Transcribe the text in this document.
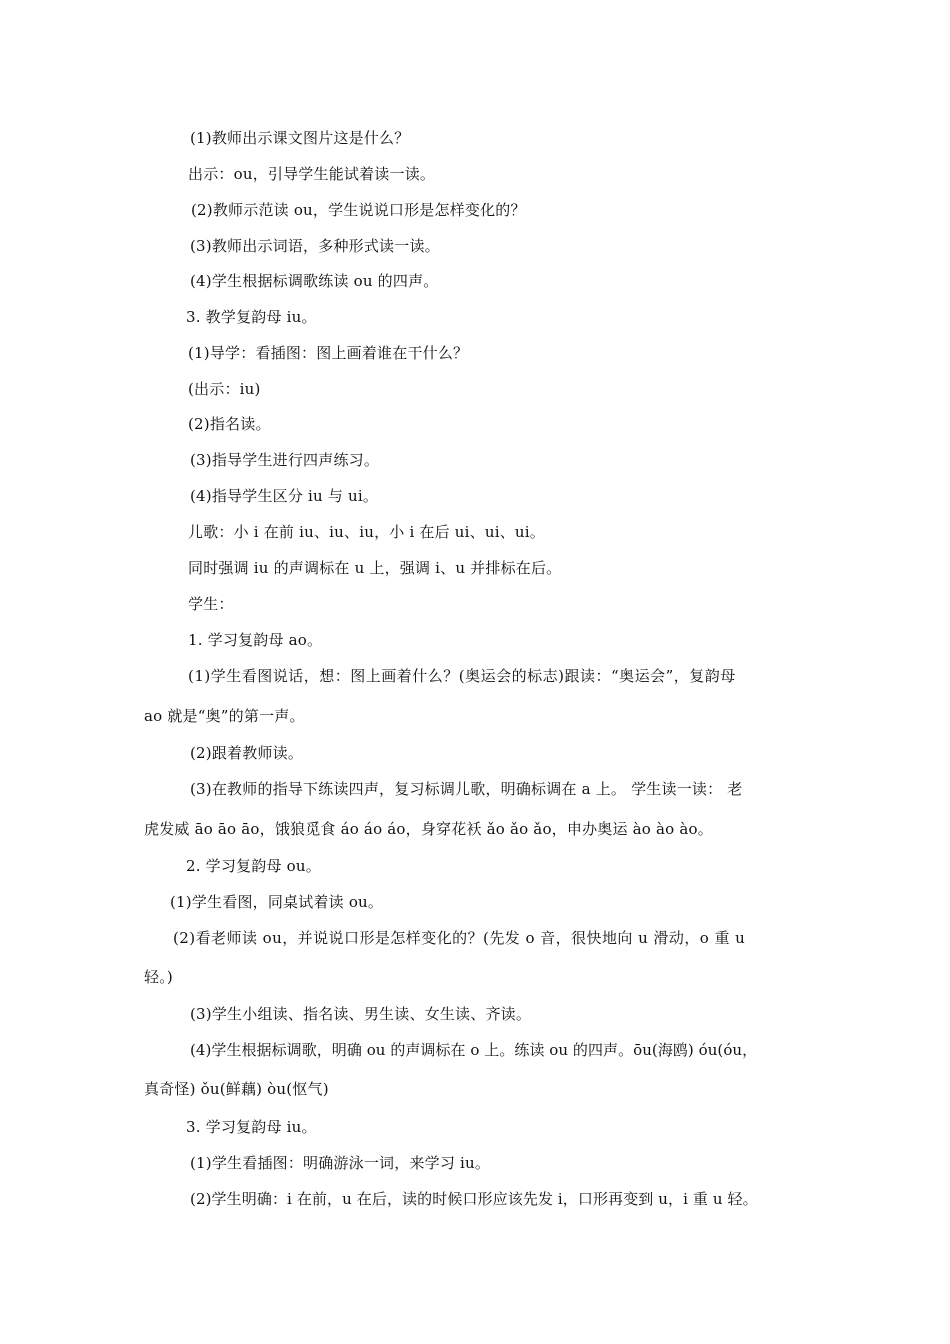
(1)教师出示课文图片这是什么？
出示：ou，引导学生能试着读一读。
(2)教师示范读 ou，学生说说口形是怎样变化的？
(3)教师出示词语，多种形式读一读。
(4)学生根据标调歌练读 ou 的四声。
3. 教学复韵母 iu。
(1)导学：看插图：图上画着谁在干什么？
(出示：iu)
(2)指名读。
(3)指导学生进行四声练习。
(4)指导学生区分 iu 与 ui。
儿歌：小 i 在前 iu、iu、iu，小 i 在后 ui、ui、ui。
同时强调 iu 的声调标在 u 上，强调 i、u 并排标在后。
学生：
1. 学习复韵母 ao。
(1)学生看图说话，想：图上画着什么？(奥运会的标志)跟读：“奥运会”，复韵母
ao 就是“奥”的第一声。
(2)跟着教师读。
(3)在教师的指导下练读四声，复习标调儿歌，明确标调在 a 上。 学生读一读： 老
虎发威 āo āo āo，饿狼觅食 áo áo áo，身穿花袄 ǎo ǎo ǎo，申办奥运 ào ào ào。
2. 学习复韵母 ou。
(1)学生看图，同桌试着读 ou。
(2)看老师读 ou，并说说口形是怎样变化的？(先发 o 音，很快地向 u 滑动，o 重 u
轻。)
(3)学生小组读、指名读、男生读、女生读、齐读。
(4)学生根据标调歌，明确 ou 的声调标在 o 上。练读 ou 的四声。ōu(海鸥) óu(óu，
真奇怪) ǒu(鲜藕) òu(怄气)
3. 学习复韵母 iu。
(1)学生看插图：明确游泳一词，来学习 iu。
(2)学生明确：i 在前，u 在后，读的时候口形应该先发 i，口形再变到 u，i 重 u 轻。
